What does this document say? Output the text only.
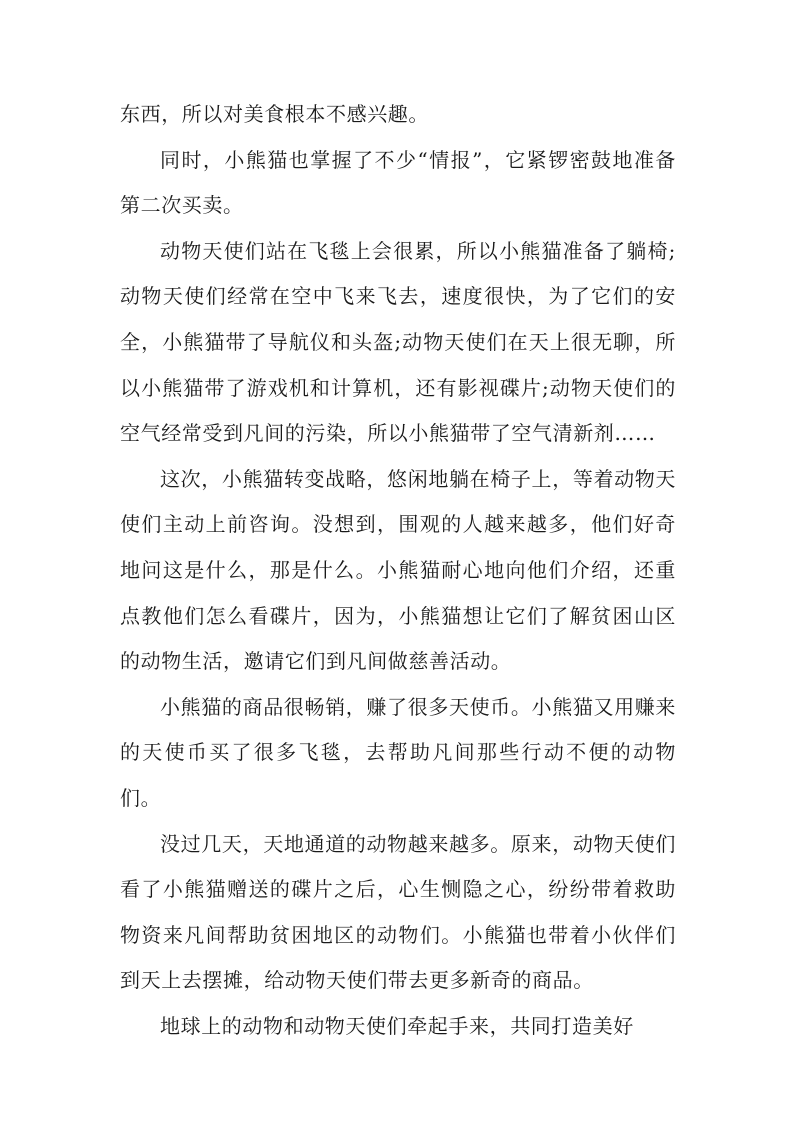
东西，所以对美食根本不感兴趣。

同时，小熊猫也掌握了不少“情报”，它紧锣密鼓地准备第二次买卖。

动物天使们站在飞毯上会很累，所以小熊猫准备了躺椅;动物天使们经常在空中飞来飞去，速度很快，为了它们的安全，小熊猫带了导航仪和头盔;动物天使们在天上很无聊，所以小熊猫带了游戏机和计算机，还有影视碟片;动物天使们的空气经常受到凡间的污染，所以小熊猫带了空气清新剂……

这次，小熊猫转变战略，悠闲地躺在椅子上，等着动物天使们主动上前咨询。没想到，围观的人越来越多，他们好奇地问这是什么，那是什么。小熊猫耐心地向他们介绍，还重点教他们怎么看碟片，因为，小熊猫想让它们了解贫困山区的动物生活，邀请它们到凡间做慈善活动。

小熊猫的商品很畅销，赚了很多天使币。小熊猫又用赚来的天使币买了很多飞毯，去帮助凡间那些行动不便的动物们。

没过几天，天地通道的动物越来越多。原来，动物天使们看了小熊猫赠送的碟片之后，心生恻隐之心，纷纷带着救助物资来凡间帮助贫困地区的动物们。小熊猫也带着小伙伴们到天上去摆摊，给动物天使们带去更多新奇的商品。

地球上的动物和动物天使们牵起手来，共同打造美好
